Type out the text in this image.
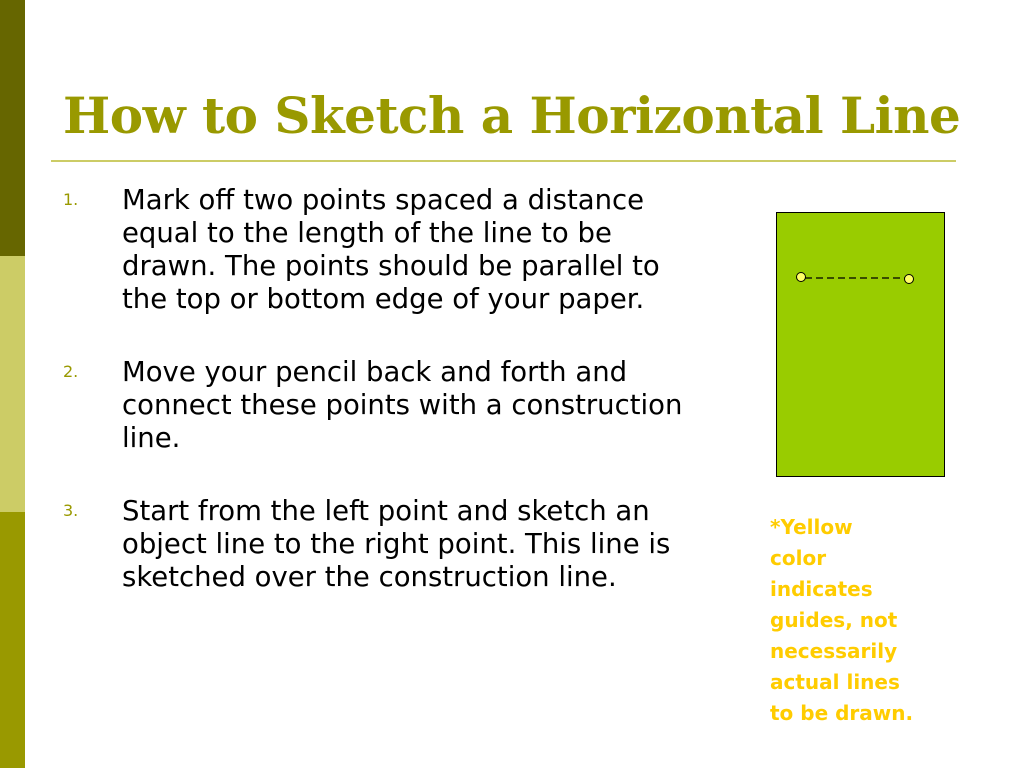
How to Sketch a Horizontal Line
1. Mark off two points spaced a distance equal to the length of the line to be drawn. The points should be parallel to the top or bottom edge of your paper.
2. Move your pencil back and forth and connect these points with a construction line.
3. Start from the left point and sketch an object line to the right point. This line is sketched over the construction line.

*Yellow
color
indicates
guides, not
necessarily
actual lines
to be drawn.
